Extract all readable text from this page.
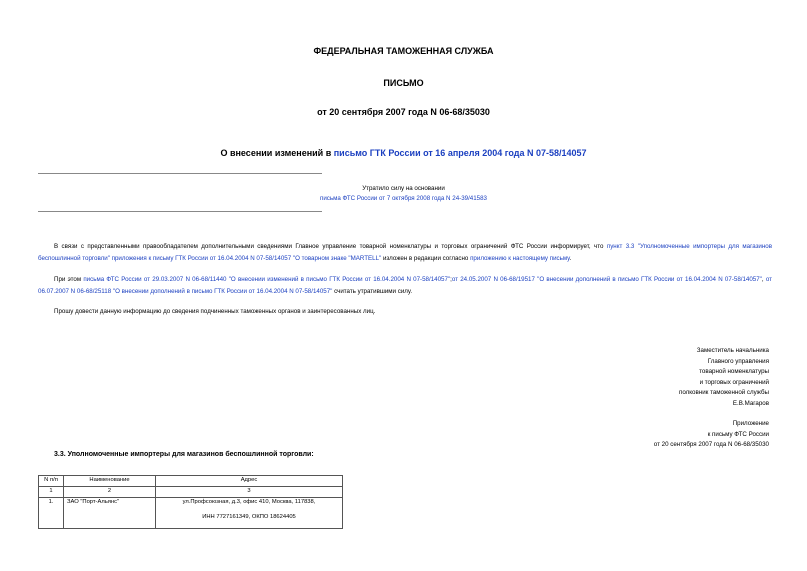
ФЕДЕРАЛЬНАЯ ТАМОЖЕННАЯ СЛУЖБА
ПИСЬМО
от 20 сентября 2007 года N 06-68/35030
О внесении изменений в письмо ГТК России от 16 апреля 2004 года N 07-58/14057
Утратило силу на основании
письма ФТС России от 7 октября 2008 года N 24-39/41583
В связи с представленными правообладателем дополнительными сведениями Главное управление товарной номенклатуры и торговых ограничений ФТС России информирует, что пункт 3.3 "Уполномоченные импортеры для магазинов беспошлинной торговли" приложения к письму ГТК России от 16.04.2004 N 07-58/14057 "О товарном знаке "MARTELL" изложен в редакции согласно приложению к настоящему письму.
При этом письма ФТС России от 29.03.2007 N 06-68/11440 "О внесении изменений в письмо ГТК России от 16.04.2004 N 07-58/14057";от 24.05.2007 N 06-68/19517 "О внесении дополнений в письмо ГТК России от 16.04.2004 N 07-58/14057", от 06.07.2007 N 06-68/25118 "О внесении дополнений в письмо ГТК России от 16.04.2004 N 07-58/14057" считать утратившими силу.
Прошу довести данную информацию до сведения подчиненных таможенных органов и заинтересованных лиц.
Заместитель начальника
Главного управления
товарной номенклатуры
и торговых ограничений
полковник таможенной службы
Е.В.Магаров
Приложение
к письму ФТС России
от 20 сентября 2007 года N 06-68/35030
3.3. Уполномоченные импортеры для магазинов беспошлинной торговли:
N п/п	Наименование	Адрес
1	2	3
1.	ЗАО "Порт-Альянс"	ул.Профсоюзная, д.3, офис 410, Москва, 117838,
ИНН 7727161349, ОКПО 18624405
